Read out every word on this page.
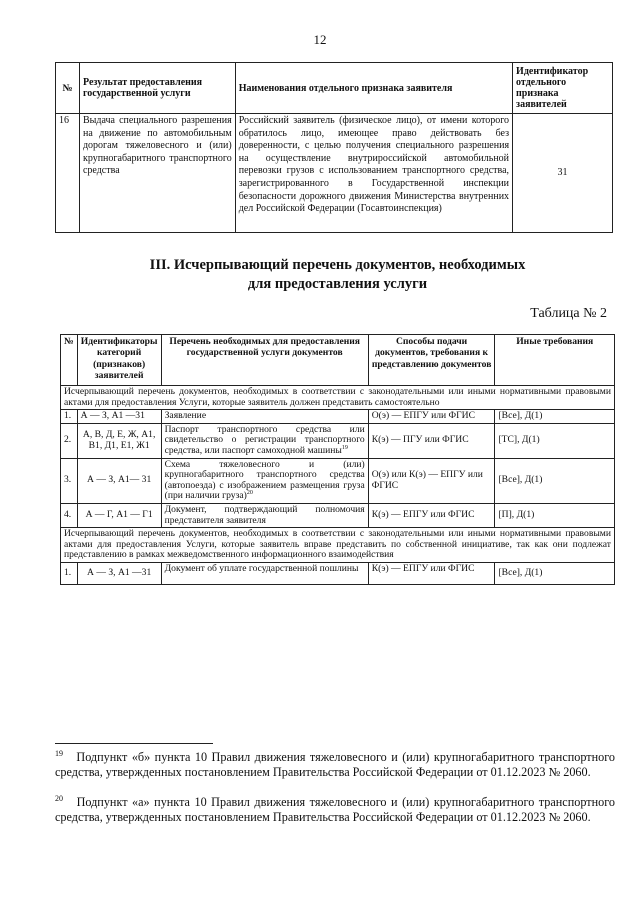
12
№	Результат предоставления государственной услуги	Наименования отдельного признака заявителя	Идентификатор отдельного признака заявителей
16	Выдача специального разрешения на движение по автомобильным дорогам тяжеловесного и (или) крупногабаритного транспортного средства	Российский заявитель (физическое лицо), от имени которого обратилось лицо, имеющее право действовать без доверенности, с целью получения специального разрешения на осуществление внутрироссийской автомобильной перевозки грузов с использованием транспортного средства, зарегистрированного в Государственной инспекции безопасности дорожного движения Министерства внутренних дел Российской Федерации (Госавтоинспекция)	31
III. Исчерпывающий перечень документов, необходимых
для предоставления услуги
Таблица № 2
№	Идентификаторы категорий (признаков) заявителей	Перечень необходимых для предоставления государственной услуги документов	Способы подачи документов, требования к представлению документов	Иные требования
Исчерпывающий перечень документов, необходимых в соответствии с законодательными или иными нормативными правовыми актами для предоставления Услуги, которые заявитель должен представить самостоятельно				
1.	А — З, А1 —31	Заявление	О(э) — ЕПГУ или ФГИС	[Все], Д(1)
2.	А, В, Д, Е, Ж, А1, В1, Д1, Е1, Ж1	Паспорт транспортного средства или свидетельство о регистрации транспортного средства, или паспорт самоходной машины$^{19}$	К(э) — ПГУ или ФГИС	[ТС], Д(1)
3.	А — З, А1— 31	Схема тяжеловесного и (или) крупногабаритного транспортного средства (автопоезда) с изображением размещения груза (при наличии груза)$^{20}$	О(э) или К(э) — ЕПГУ или ФГИС	[Все], Д(1)
4.	А — Г, А1 — Г1	Документ, подтверждающий полномочия представителя заявителя	К(э) — ЕПГУ или ФГИС	[П], Д(1)
Исчерпывающий перечень документов, необходимых в соответствии с законодательными или иными нормативными правовыми актами для предоставления Услуги, которые заявитель вправе представить по собственной инициативе, так как они подлежат представлению в рамках межведомственного информационного взаимодействия				
1.	А — З, А1 —31	Документ об уплате государственной пошлины	К(э) — ЕПГУ или ФГИС	[Все], Д(1)
$^{19}$ Подпункт «б» пункта 10 Правил движения тяжеловесного и (или) крупногабаритного транспортного средства, утвержденных постановлением Правительства Российской Федерации от 01.12.2023 № 2060.
$^{20}$ Подпункт «а» пункта 10 Правил движения тяжеловесного и (или) крупногабаритного транспортного средства, утвержденных постановлением Правительства Российской Федерации от 01.12.2023 № 2060.
